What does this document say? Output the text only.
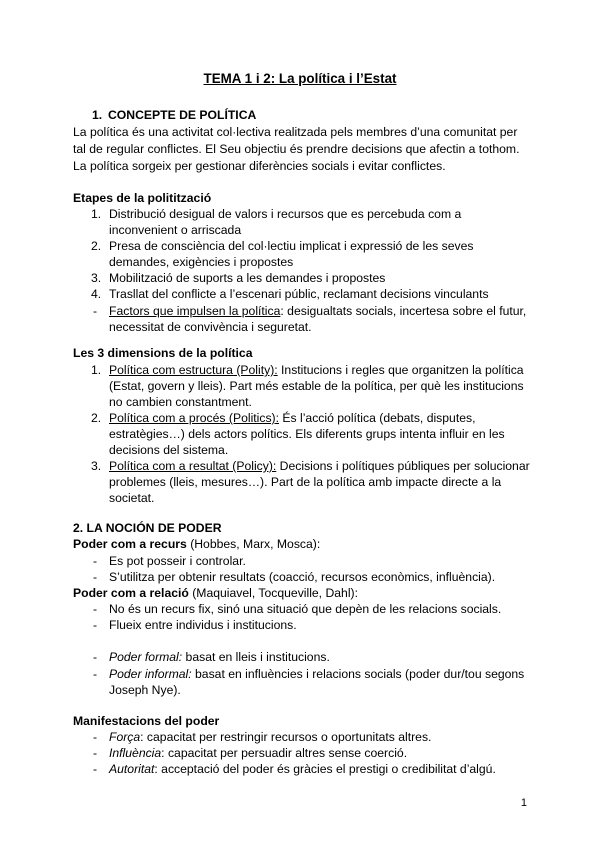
TEMA 1 i 2: La política i l’Estat
1. CONCEPTE DE POLÍTICA
La política és una activitat col·lectiva realitzada pels membres d’una comunitat per
tal de regular conflictes. El Seu objectiu és prendre decisions que afectin a tothom.
La política sorgeix per gestionar diferències socials i evitar conflictes.
Etapes de la politització
1. Distribució desigual de valors i recursos que es percebuda com a
inconvenient o arriscada
2. Presa de consciència del col·lectiu implicat i expressió de les seves
demandes, exigències i propostes
3. Mobilització de suports a les demandes i propostes
4. Trasllat del conflicte a l’escenari públic, reclamant decisions vinculants
- Factors que impulsen la política: desigualtats socials, incertesa sobre el futur,
necessitat de convivència i seguretat.
Les 3 dimensions de la política
1. Política com estructura (Polity): Institucions i regles que organitzen la política
(Estat, govern y lleis). Part més estable de la política, per què les institucions
no cambien constantment.
2. Política com a procés (Politics): És l’acció política (debats, disputes,
estratègies…) dels actors polítics. Els diferents grups intenta influir en les
decisions del sistema.
3. Política com a resultat (Policy): Decisions i polítiques públiques per solucionar
problemes (lleis, mesures…). Part de la política amb impacte directe a la
societat.
2. LA NOCIÓN DE PODER
Poder com a recurs (Hobbes, Marx, Mosca):
- Es pot posseir i controlar.
- S’utilitza per obtenir resultats (coacció, recursos econòmics, influència).
Poder com a relació (Maquiavel, Tocqueville, Dahl):
- No és un recurs fix, sinó una situació que depèn de les relacions socials.
- Flueix entre individus i institucions.
- Poder formal: basat en lleis i institucions.
- Poder informal: basat en influències i relacions socials (poder dur/tou segons
Joseph Nye).
Manifestacions del poder
- Força: capacitat per restringir recursos o oportunitats altres.
- Influència: capacitat per persuadir altres sense coerció.
- Autoritat: acceptació del poder és gràcies el prestigi o credibilitat d’algú.
1
